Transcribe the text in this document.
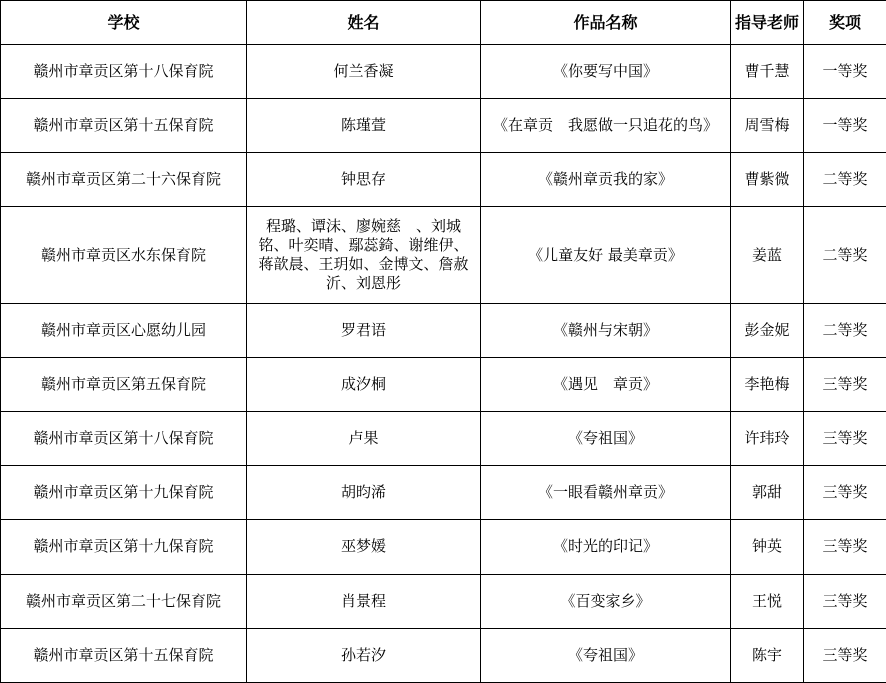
学校	姓名	作品名称	指导老师	奖项
赣州市章贡区第十八保育院	何兰香凝	《你要写中国》	曹千慧	一等奖
赣州市章贡区第十五保育院	陈瑾萱	《在章贡　我愿做一只追花的鸟》	周雪梅	一等奖
赣州市章贡区第二十六保育院	钟思存	《赣州章贡我的家》	曹紫微	二等奖
赣州市章贡区水东保育院	程璐、谭沫、廖婉慈　、刘城铭、叶奕晴、鄢蕊錡、谢维伊、蒋歆晨、王玥如、金博文、詹赦沂、刘恩彤	《儿童友好 最美章贡》	姜蓝	二等奖
赣州市章贡区心愿幼儿园	罗君语	《赣州与宋朝》	彭金妮	二等奖
赣州市章贡区第五保育院	成汐桐	《遇见　章贡》	李艳梅	三等奖
赣州市章贡区第十八保育院	卢果	《夸祖国》	许玮玲	三等奖
赣州市章贡区第十九保育院	胡昀浠	《一眼看赣州章贡》	郭甜	三等奖
赣州市章贡区第十九保育院	巫梦媛	《时光的印记》	钟英	三等奖
赣州市章贡区第二十七保育院	肖景程	《百变家乡》	王悦	三等奖
赣州市章贡区第十五保育院	孙若汐	《夸祖国》	陈宇	三等奖
